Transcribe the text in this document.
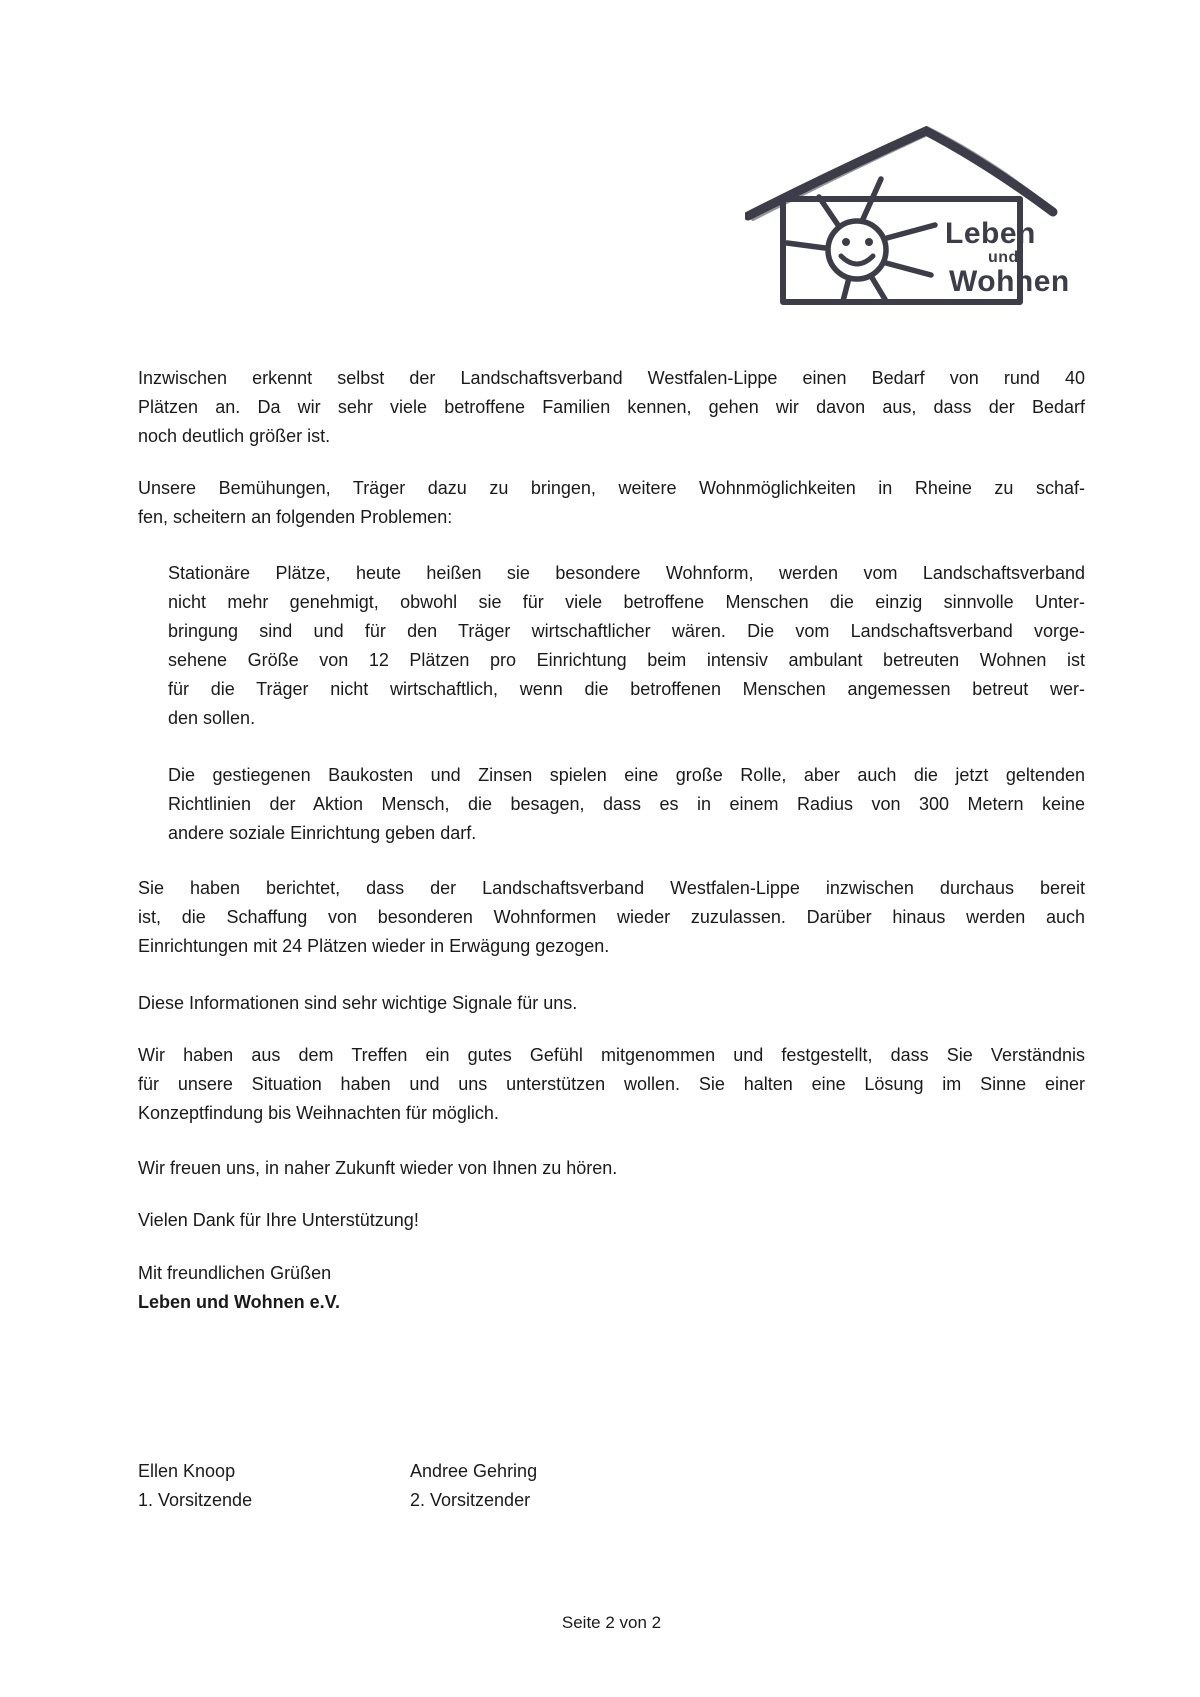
Leben
und
Wohnen
Inzwischen erkennt selbst der Landschaftsverband Westfalen-Lippe einen Bedarf von rund 40
Plätzen an. Da wir sehr viele betroffene Familien kennen, gehen wir davon aus, dass der Bedarf
noch deutlich größer ist.
Unsere Bemühungen, Träger dazu zu bringen, weitere Wohnmöglichkeiten in Rheine zu schaf-
fen, scheitern an folgenden Problemen:
Stationäre Plätze, heute heißen sie besondere Wohnform, werden vom Landschaftsverband
nicht mehr genehmigt, obwohl sie für viele betroffene Menschen die einzig sinnvolle Unter-
bringung sind und für den Träger wirtschaftlicher wären. Die vom Landschaftsverband vorge-
sehene Größe von 12 Plätzen pro Einrichtung beim intensiv ambulant betreuten Wohnen ist
für die Träger nicht wirtschaftlich, wenn die betroffenen Menschen angemessen betreut wer-
den sollen.
Die gestiegenen Baukosten und Zinsen spielen eine große Rolle, aber auch die jetzt geltenden
Richtlinien der Aktion Mensch, die besagen, dass es in einem Radius von 300 Metern keine
andere soziale Einrichtung geben darf.
Sie haben berichtet, dass der Landschaftsverband Westfalen-Lippe inzwischen durchaus bereit
ist, die Schaffung von besonderen Wohnformen wieder zuzulassen. Darüber hinaus werden auch
Einrichtungen mit 24 Plätzen wieder in Erwägung gezogen.
Diese Informationen sind sehr wichtige Signale für uns.
Wir haben aus dem Treffen ein gutes Gefühl mitgenommen und festgestellt, dass Sie Verständnis
für unsere Situation haben und uns unterstützen wollen. Sie halten eine Lösung im Sinne einer
Konzeptfindung bis Weihnachten für möglich.
Wir freuen uns, in naher Zukunft wieder von Ihnen zu hören.
Vielen Dank für Ihre Unterstützung!
Mit freundlichen Grüßen
Leben und Wohnen e.V.
Ellen Knoop
1. Vorsitzende
Andree Gehring
2. Vorsitzender
Seite 2 von 2
